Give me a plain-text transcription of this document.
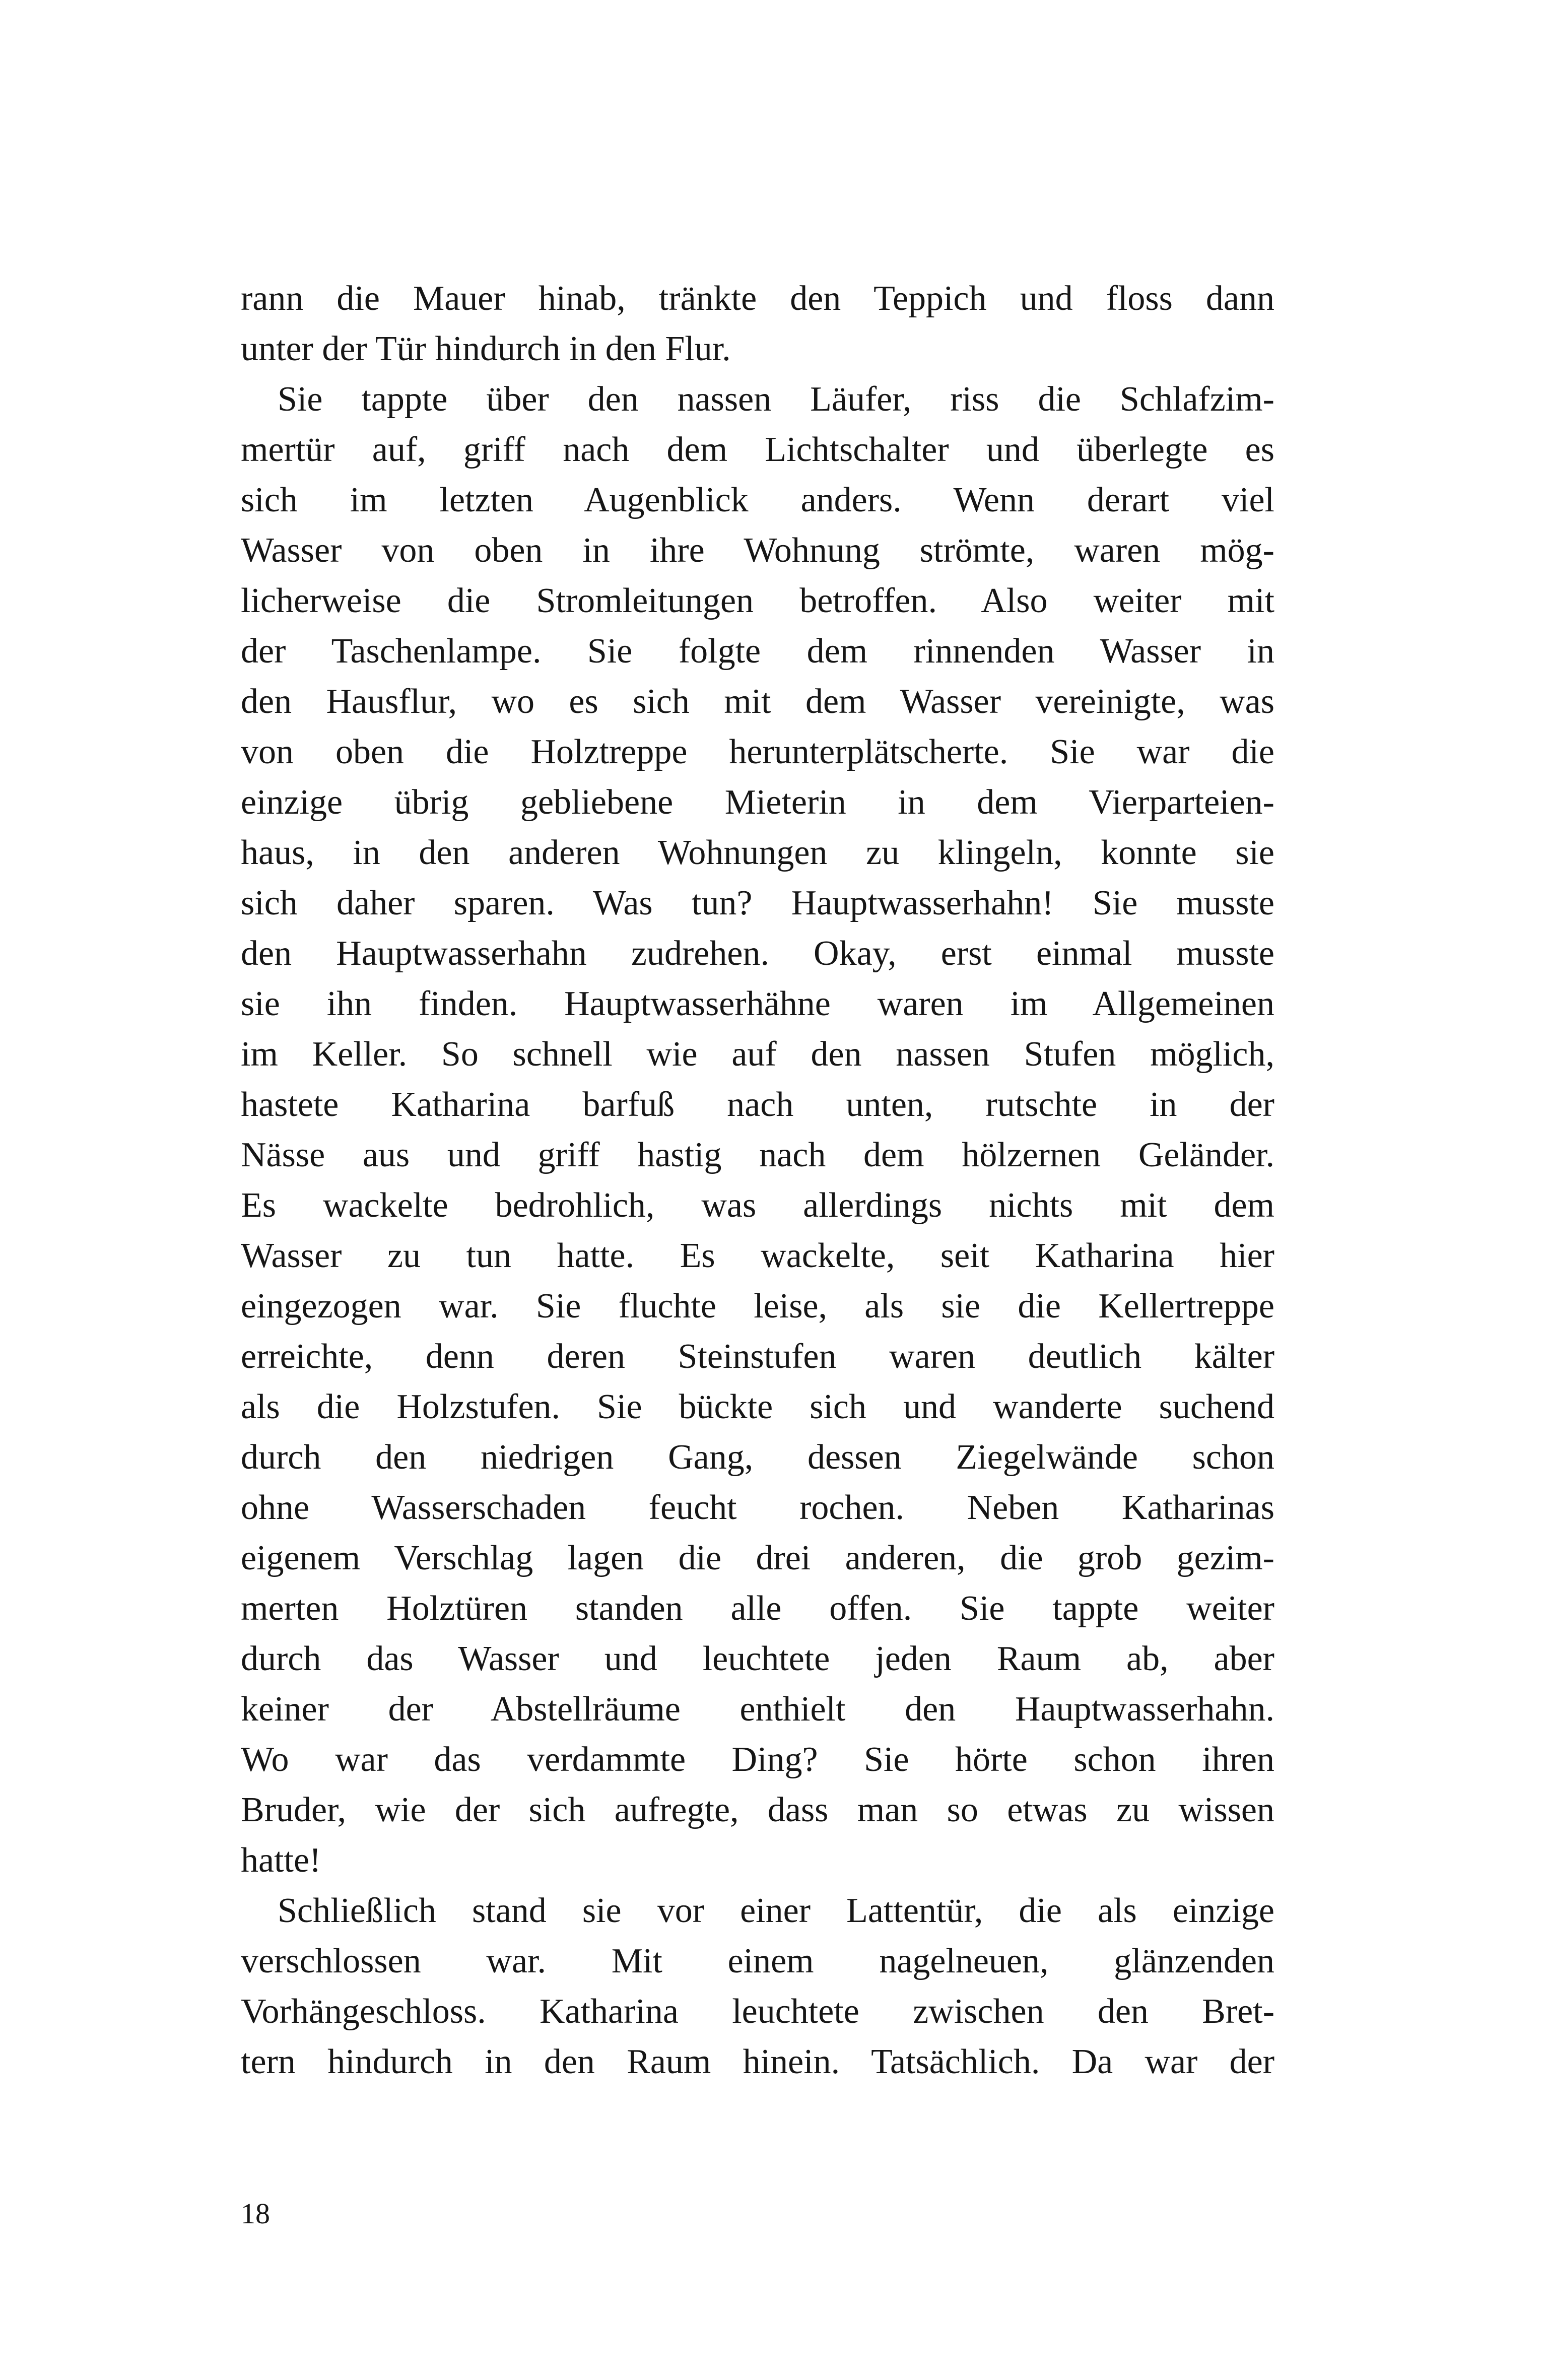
rann die Mauer hinab, tränkte den Teppich und floss dann
unter der Tür hindurch in den Flur.
Sie tappte über den nassen Läufer, riss die Schlafzim-
mertür auf, griff nach dem Lichtschalter und überlegte es
sich im letzten Augenblick anders. Wenn derart viel
Wasser von oben in ihre Wohnung strömte, waren mög-
licherweise die Stromleitungen betroffen. Also weiter mit
der Taschenlampe. Sie folgte dem rinnenden Wasser in
den Hausflur, wo es sich mit dem Wasser vereinigte, was
von oben die Holztreppe herunterplätscherte. Sie war die
einzige übrig gebliebene Mieterin in dem Vierparteien-
haus, in den anderen Wohnungen zu klingeln, konnte sie
sich daher sparen. Was tun? Hauptwasserhahn! Sie musste
den Hauptwasserhahn zudrehen. Okay, erst einmal musste
sie ihn finden. Hauptwasserhähne waren im Allgemeinen
im Keller. So schnell wie auf den nassen Stufen möglich,
hastete Katharina barfuß nach unten, rutschte in der
Nässe aus und griff hastig nach dem hölzernen Geländer.
Es wackelte bedrohlich, was allerdings nichts mit dem
Wasser zu tun hatte. Es wackelte, seit Katharina hier
eingezogen war. Sie fluchte leise, als sie die Kellertreppe
erreichte, denn deren Steinstufen waren deutlich kälter
als die Holzstufen. Sie bückte sich und wanderte suchend
durch den niedrigen Gang, dessen Ziegelwände schon
ohne Wasserschaden feucht rochen. Neben Katharinas
eigenem Verschlag lagen die drei anderen, die grob gezim-
merten Holztüren standen alle offen. Sie tappte weiter
durch das Wasser und leuchtete jeden Raum ab, aber
keiner der Abstellräume enthielt den Hauptwasserhahn.
Wo war das verdammte Ding? Sie hörte schon ihren
Bruder, wie der sich aufregte, dass man so etwas zu wissen
hatte!
Schließlich stand sie vor einer Lattentür, die als einzige
verschlossen war. Mit einem nagelneuen, glänzenden
Vorhängeschloss. Katharina leuchtete zwischen den Bret-
tern hindurch in den Raum hinein. Tatsächlich. Da war der
18
